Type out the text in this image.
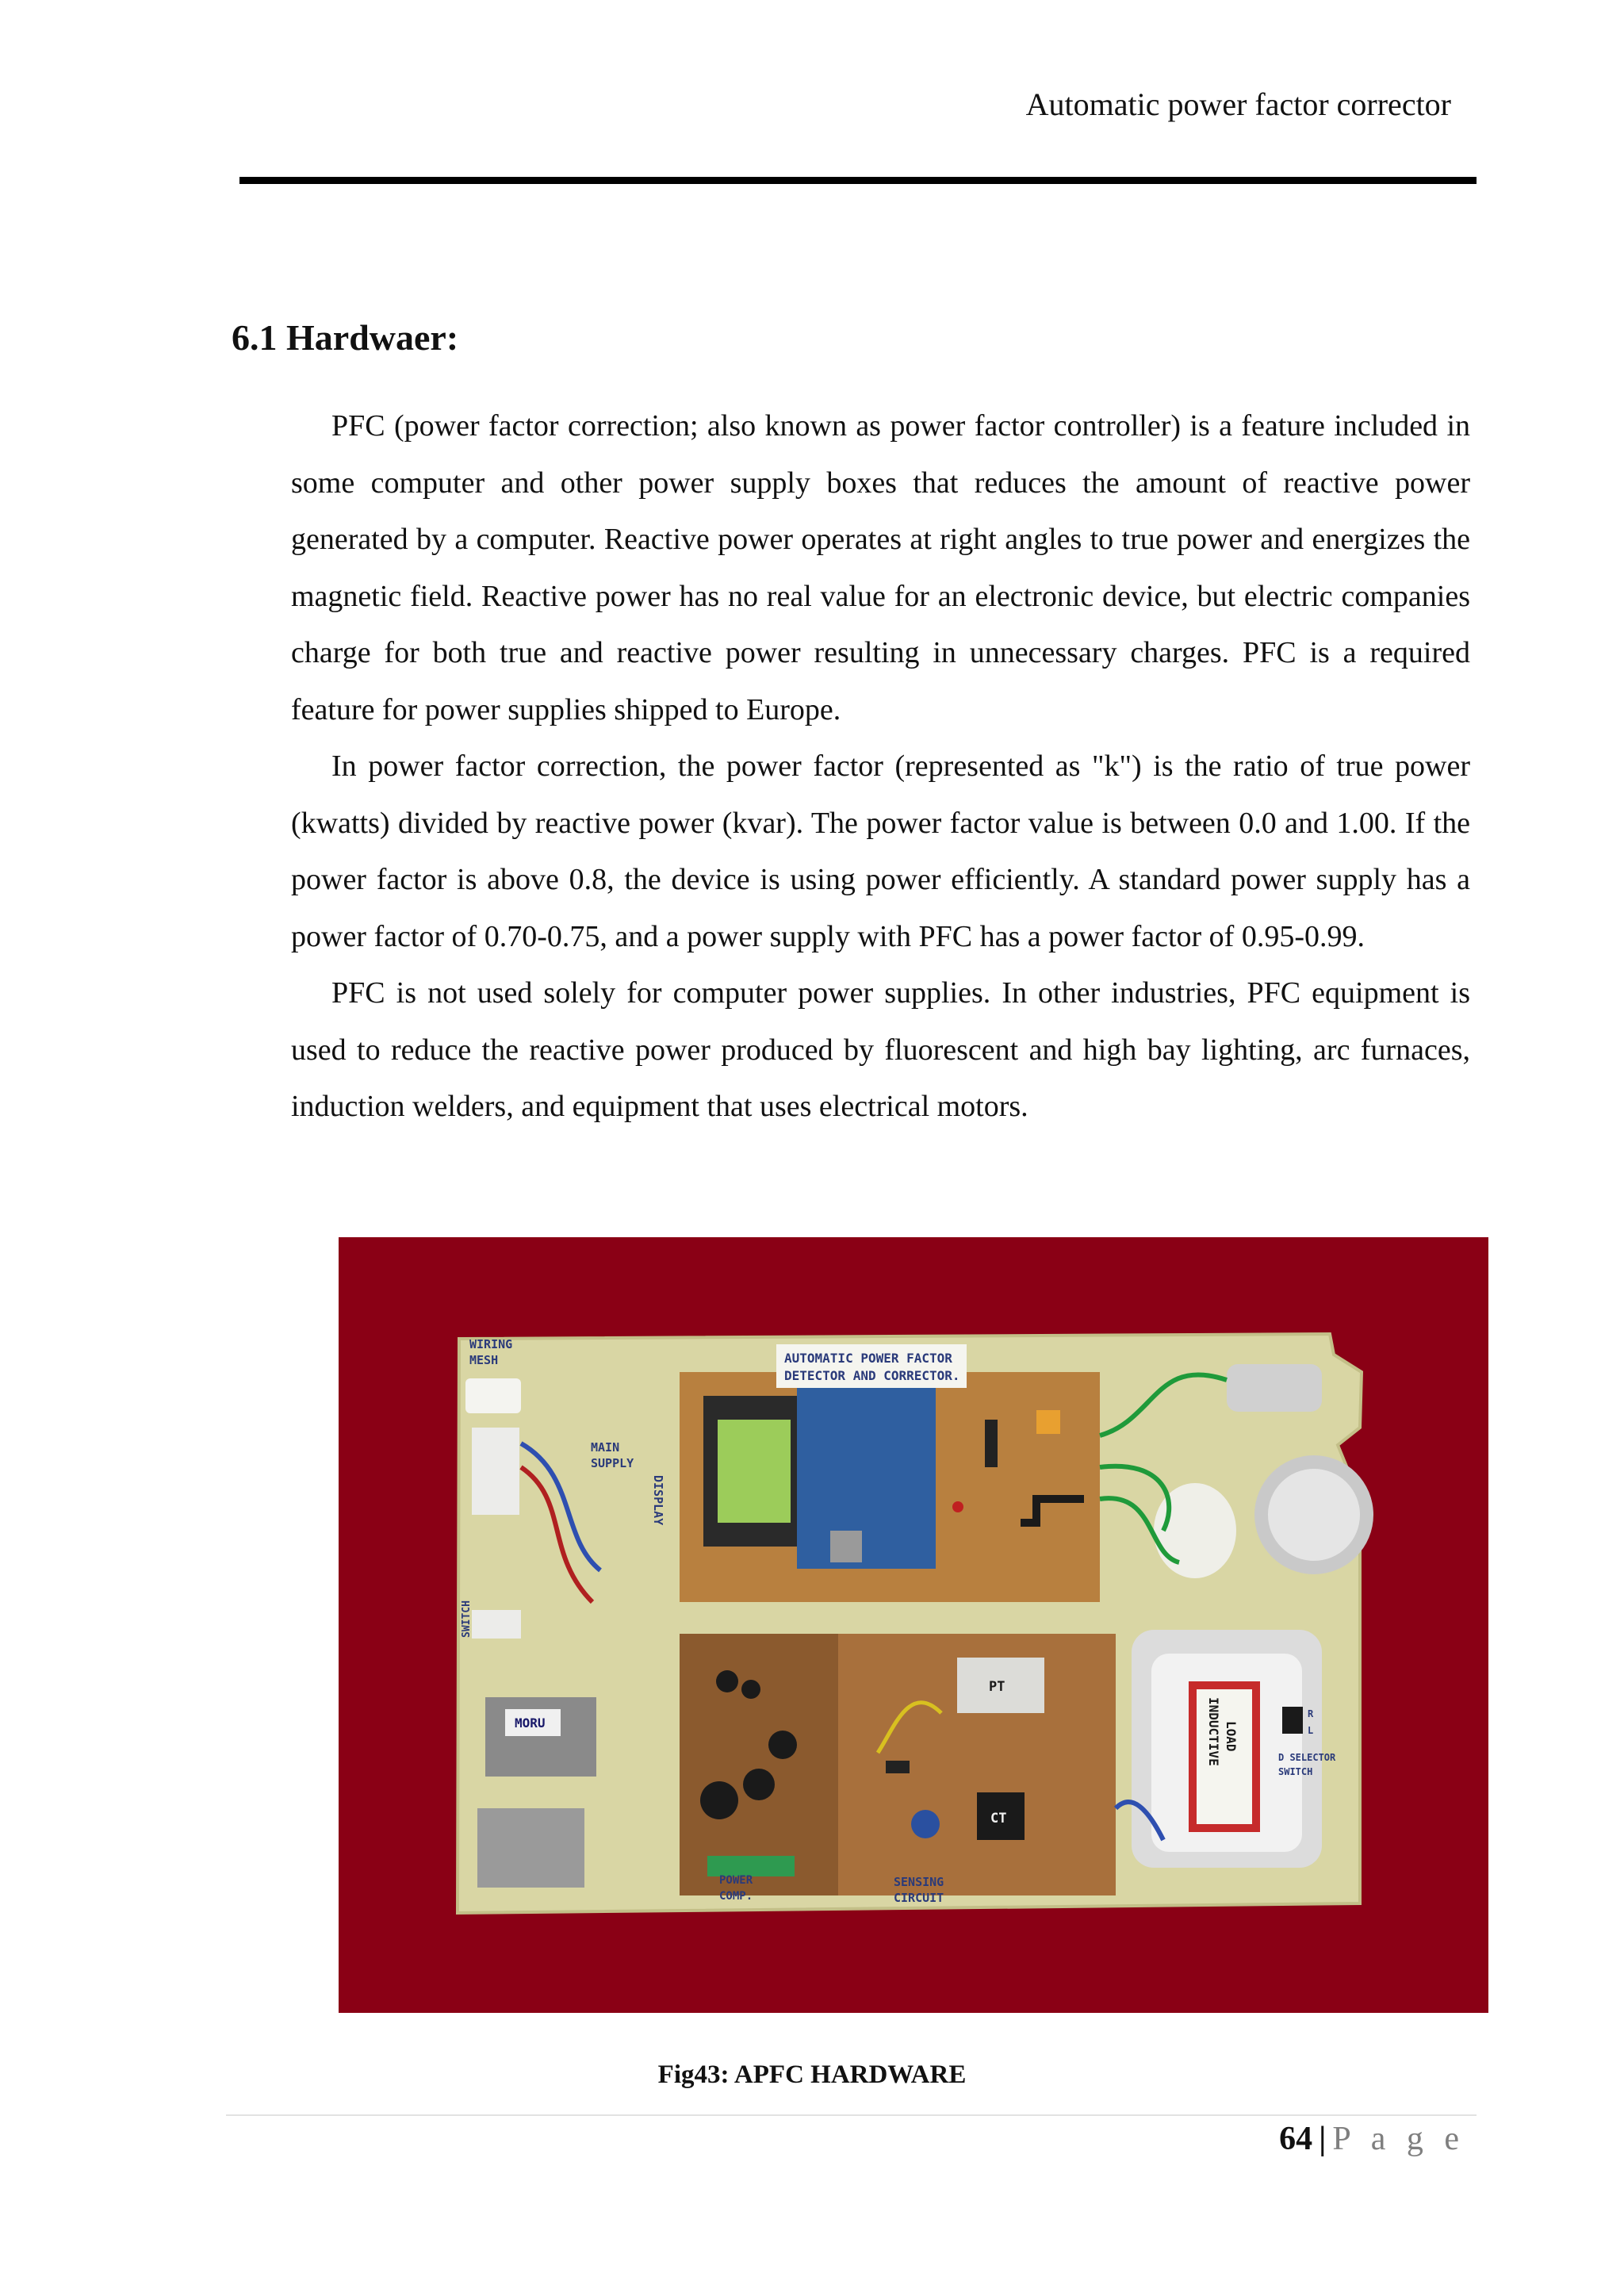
Automatic power factor corrector
6.1 Hardwaer:

PFC (power factor correction; also known as power factor controller) is a feature included in some computer and other power supply boxes that reduces the amount of reactive power generated by a computer. Reactive power operates at right angles to true power and energizes the magnetic field. Reactive power has no real value for an electronic device, but electric companies charge for both true and reactive power resulting in unnecessary charges. PFC is a required feature for power supplies shipped to Europe.

In power factor correction, the power factor (represented as "k") is the ratio of true power (kwatts) divided by reactive power (kvar). The power factor value is between 0.0 and 1.00. If the power factor is above 0.8, the device is using power efficiently. A standard power supply has a power factor of 0.70-0.75, and a power supply with PFC has a power factor of 0.95-0.99.

PFC is not used solely for computer power supplies. In other industries, PFC equipment is used to reduce the reactive power produced by fluorescent and high bay lighting, arc furnaces, induction welders, and equipment that uses electrical motors.

AUTOMATIC POWER FACTOR
DETECTOR AND CORRECTOR.
WIRING
MESH
MAIN
SUPPLY
DISPLAY
SWITCH
MORU
PT
CT
POWER
COMP.
SENSING
CIRCUIT
INDUCTIVE LOAD
D SELECTOR
SWITCH
R
L
Fig43: APFC HARDWARE
64 | P a g e
